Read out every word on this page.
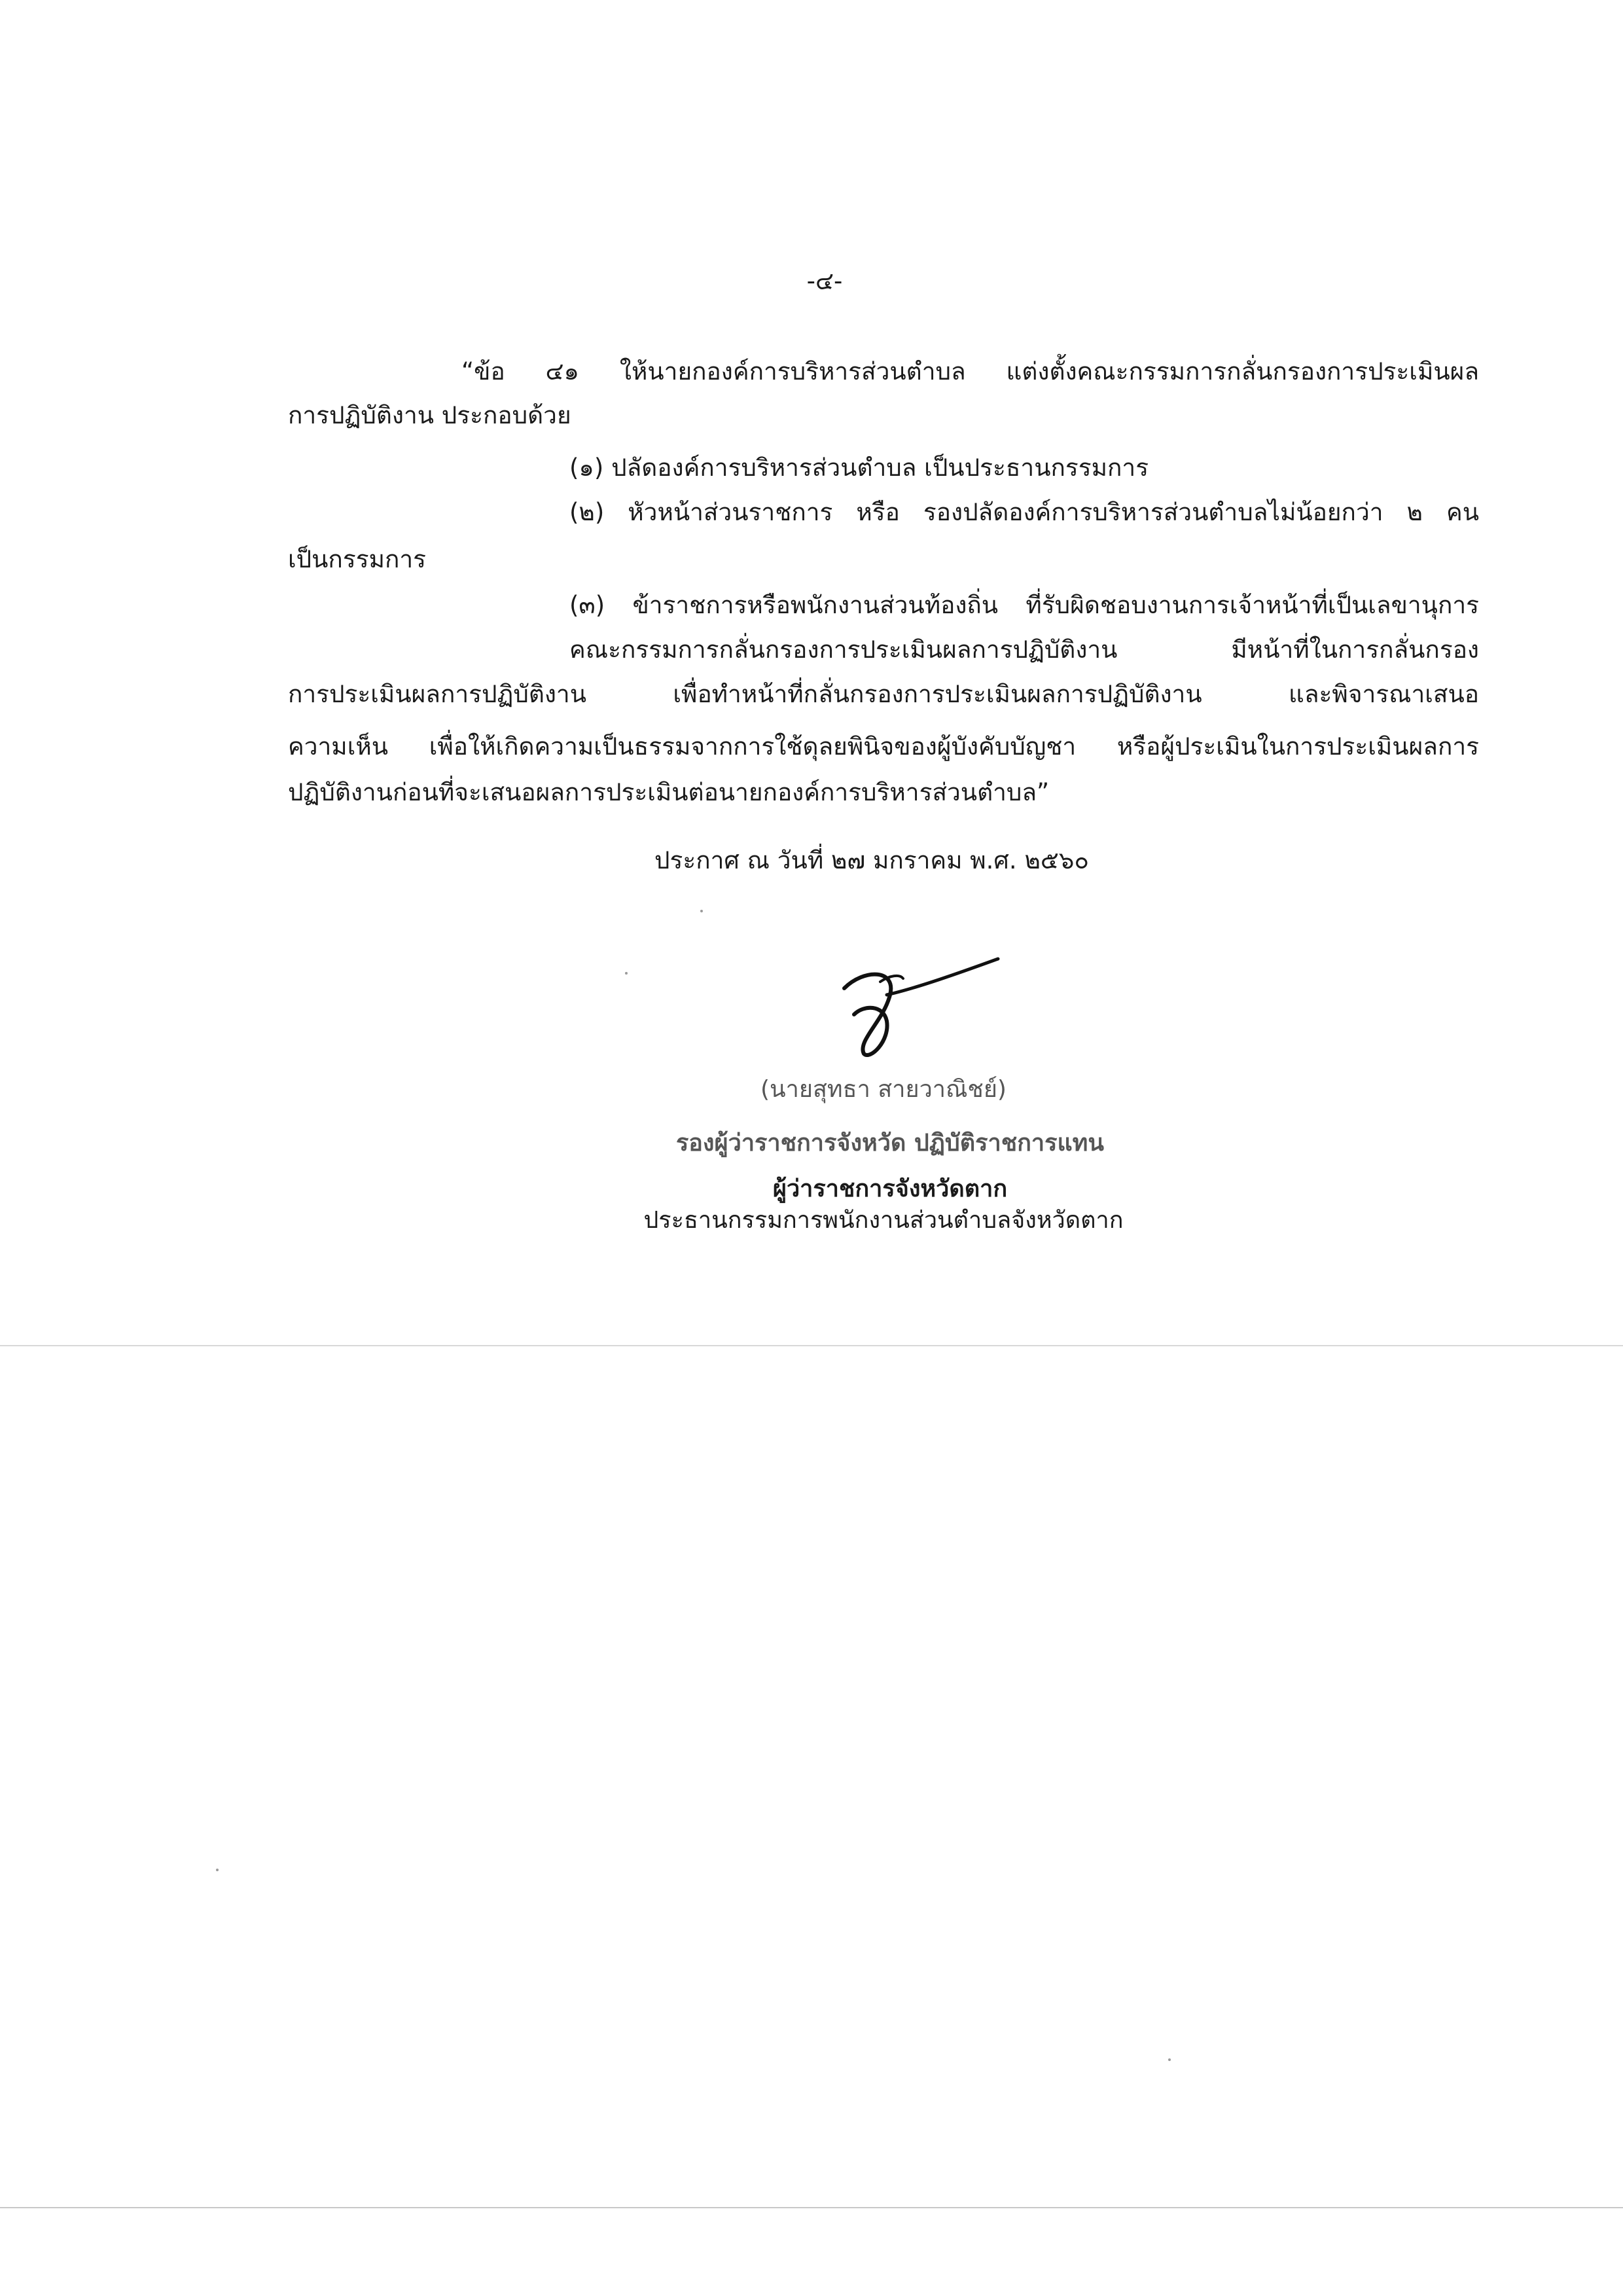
-๔-
“ข้อ ๔๑ ให้นายกองค์การบริหารส่วนตำบล แต่งตั้งคณะกรรมการกลั่นกรองการประเมินผล
การปฏิบัติงาน ประกอบด้วย
(๑) ปลัดองค์การบริหารส่วนตำบล เป็นประธานกรรมการ
(๒) หัวหน้าส่วนราชการ หรือ รองปลัดองค์การบริหารส่วนตำบลไม่น้อยกว่า ๒ คน
เป็นกรรมการ
(๓) ข้าราชการหรือพนักงานส่วนท้องถิ่น ที่รับผิดชอบงานการเจ้าหน้าที่เป็นเลขานุการ
คณะกรรมการกลั่นกรองการประเมินผลการปฏิบัติงาน มีหน้าที่ในการกลั่นกรอง
การประเมินผลการปฏิบัติงาน เพื่อทำหน้าที่กลั่นกรองการประเมินผลการปฏิบัติงาน และพิจารณาเสนอ
ความเห็น เพื่อให้เกิดความเป็นธรรมจากการใช้ดุลยพินิจของผู้บังคับบัญชา หรือผู้ประเมินในการประเมินผลการ
ปฏิบัติงานก่อนที่จะเสนอผลการประเมินต่อนายกองค์การบริหารส่วนตำบล”
ประกาศ ณ วันที่ ๒๗ มกราคม พ.ศ. ๒๕๖๐
(นายสุทธา สายวาณิชย์)
รองผู้ว่าราชการจังหวัด ปฏิบัติราชการแทน
ผู้ว่าราชการจังหวัดตาก
ประธานกรรมการพนักงานส่วนตำบลจังหวัดตาก
